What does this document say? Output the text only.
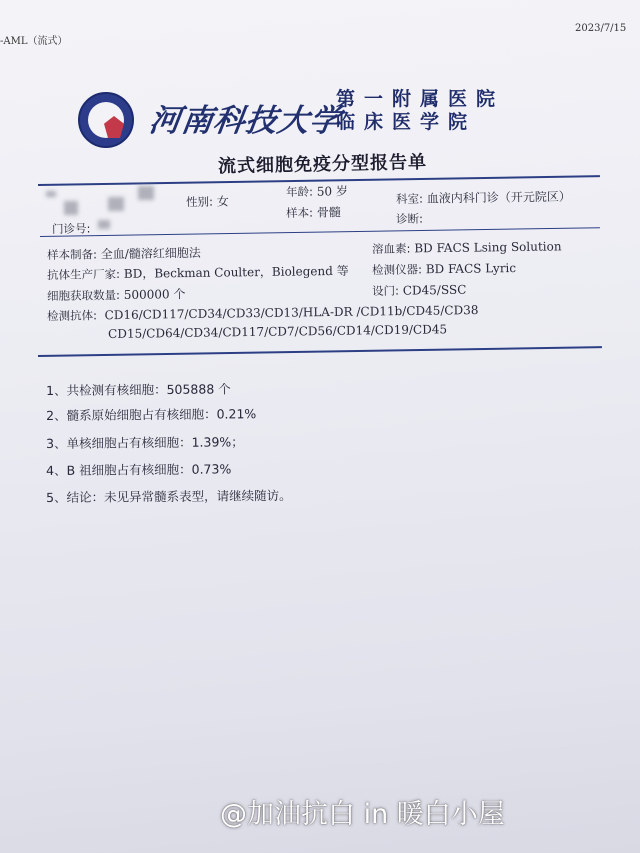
-AML（流式）
2023/7/15
河南科技大学
第一附属医院
临床医学院
流式细胞免疫分型报告单
性别: 女
年龄: 50 岁
科室: 血液内科门诊（开元院区）
样本: 骨髓	诊断:
门诊号:
样本制备: 全血/髓溶红细胞法	溶血素: BD FACS Lsing Solution
抗体生产厂家: BD，Beckman Coulter，Biolegend 等 检测仪器: BD FACS Lyric
细胞获取数量: 500000 个	设门: CD45/SSC
检测抗体: CD16/CD117/CD34/CD33/CD13/HLA-DR /CD11b/CD45/CD38
CD15/CD64/CD34/CD117/CD7/CD56/CD14/CD19/CD45
1、共检测有核细胞：505888 个
2、髓系原始细胞占有核细胞：0.21%
3、单核细胞占有核细胞：1.39%；
4、B 祖细胞占有核细胞：0.73%
5、结论：未见异常髓系表型，请继续随访。
@加油抗白 in 暖白小屋
